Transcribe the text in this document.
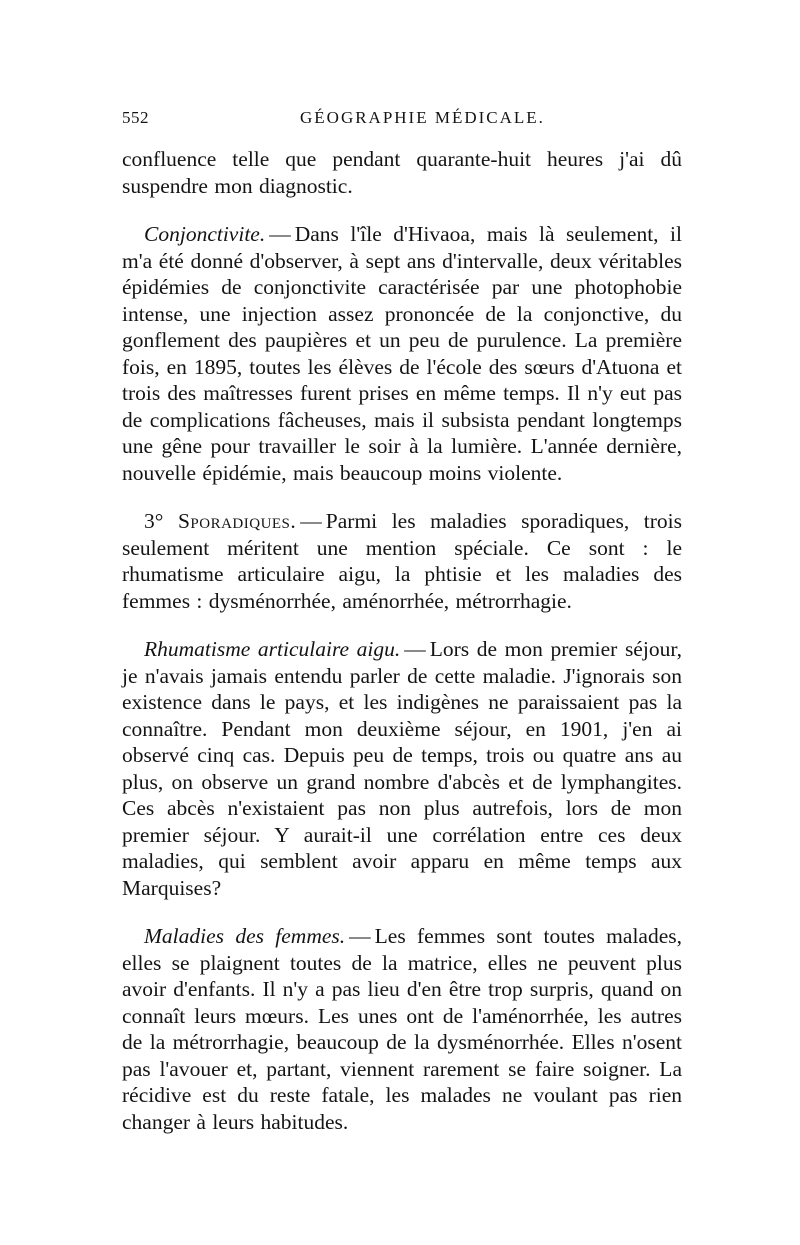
552	GÉOGRAPHIE MÉDICALE.

confluence telle que pendant quarante-huit heures j'ai dû suspendre mon diagnostic.

Conjonctivite. — Dans l'île d'Hivaoa, mais là seulement, il m'a été donné d'observer, à sept ans d'intervalle, deux véritables épidémies de conjonctivite caractérisée par une photophobie intense, une injection assez prononcée de la conjonctive, du gonflement des paupières et un peu de purulence. La première fois, en 1895, toutes les élèves de l'école des sœurs d'Atuona et trois des maîtresses furent prises en même temps. Il n'y eut pas de complications fâcheuses, mais il subsista pendant longtemps une gêne pour travailler le soir à la lumière. L'année dernière, nouvelle épidémie, mais beaucoup moins violente.

3° Sporadiques. — Parmi les maladies sporadiques, trois seulement méritent une mention spéciale. Ce sont : le rhumatisme articulaire aigu, la phtisie et les maladies des femmes : dysménorrhée, aménorrhée, métrorrhagie.

Rhumatisme articulaire aigu. — Lors de mon premier séjour, je n'avais jamais entendu parler de cette maladie. J'ignorais son existence dans le pays, et les indigènes ne paraissaient pas la connaître. Pendant mon deuxième séjour, en 1901, j'en ai observé cinq cas. Depuis peu de temps, trois ou quatre ans au plus, on observe un grand nombre d'abcès et de lymphangites. Ces abcès n'existaient pas non plus autrefois, lors de mon premier séjour. Y aurait-il une corrélation entre ces deux maladies, qui semblent avoir apparu en même temps aux Marquises?

Maladies des femmes. — Les femmes sont toutes malades, elles se plaignent toutes de la matrice, elles ne peuvent plus avoir d'enfants. Il n'y a pas lieu d'en être trop surpris, quand on connaît leurs mœurs. Les unes ont de l'aménorrhée, les autres de la métrorrhagie, beaucoup de la dysménorrhée. Elles n'osent pas l'avouer et, partant, viennent rarement se faire soigner. La récidive est du reste fatale, les malades ne voulant pas rien changer à leurs habitudes.
